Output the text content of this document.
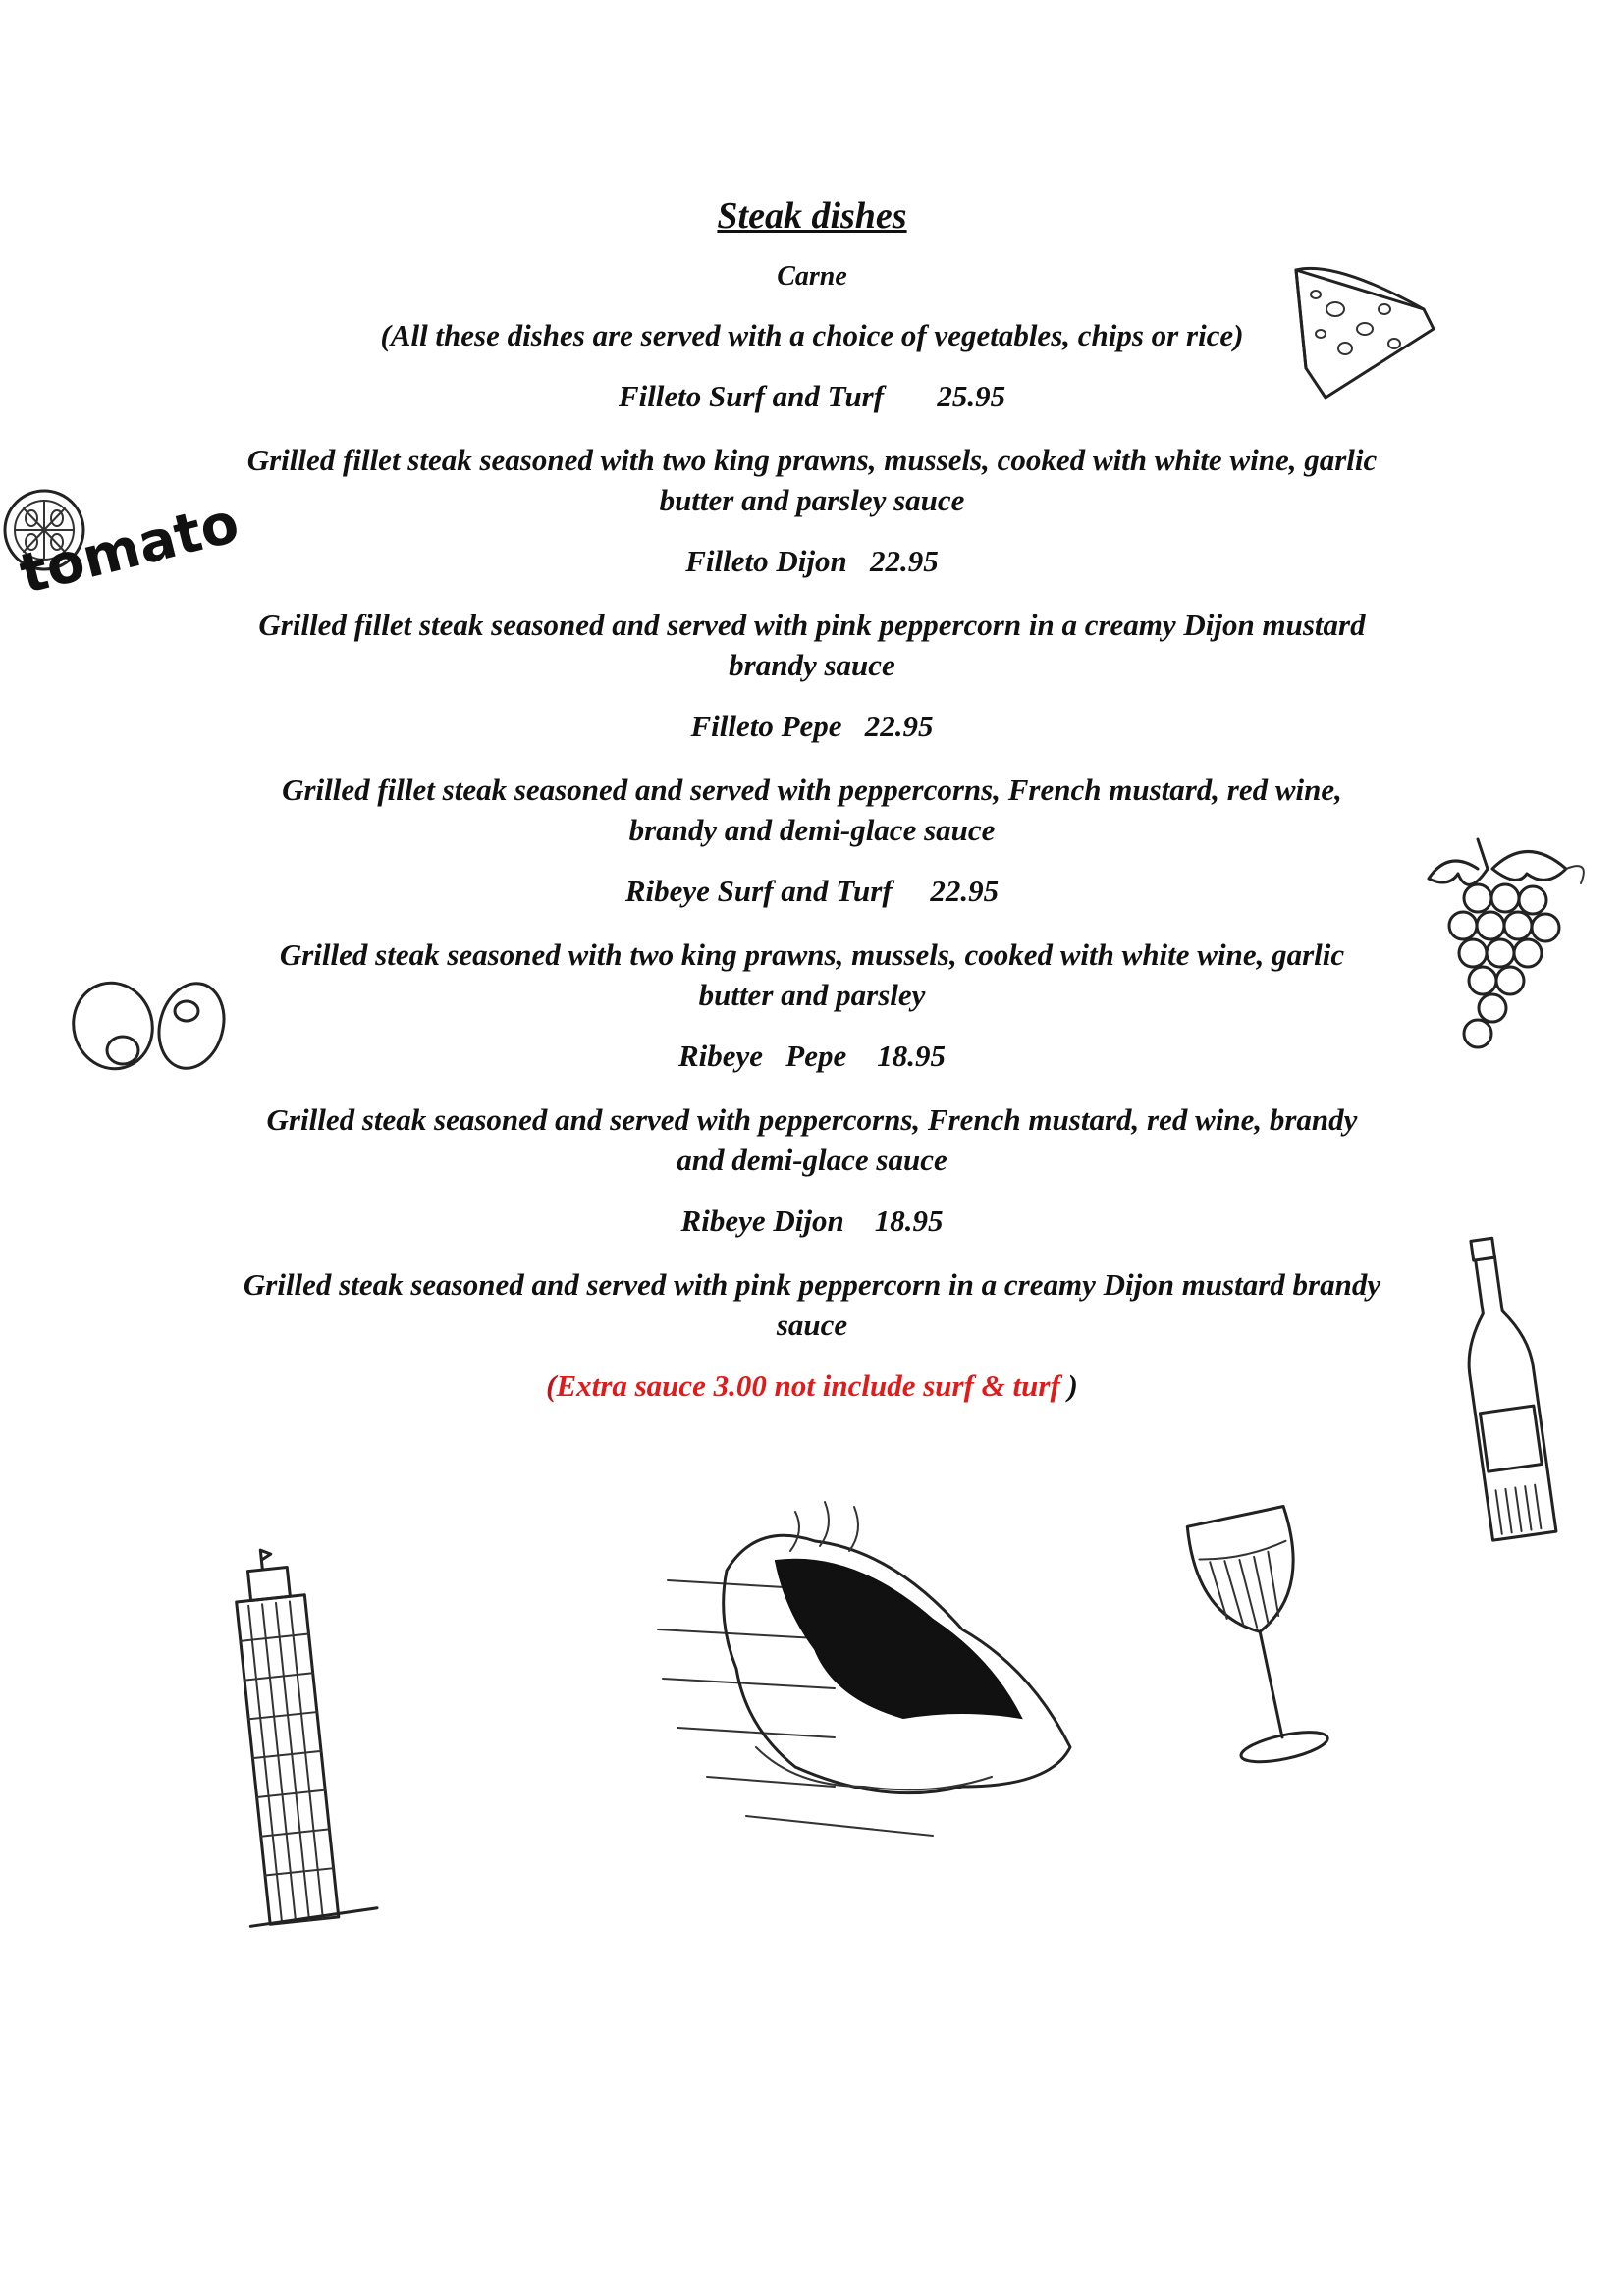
Steak dishes
Carne
(All these dishes are served with a choice of vegetables, chips or rice)
Filleto Surf and Turf       25.95
Grilled fillet steak seasoned with two king prawns, mussels, cooked with white wine, garlic
butter and parsley sauce
Filleto Dijon   22.95
Grilled fillet steak seasoned and served with pink peppercorn in a creamy Dijon mustard
brandy sauce
Filleto Pepe   22.95
Grilled fillet steak seasoned and served with peppercorns, French mustard, red wine,
brandy and demi-glace sauce
Ribeye Surf and Turf     22.95
Grilled steak seasoned with two king prawns, mussels, cooked with white wine, garlic
butter and parsley
Ribeye   Pepe    18.95
Grilled steak seasoned and served with peppercorns, French mustard, red wine, brandy
and demi-glace sauce
Ribeye Dijon    18.95
Grilled steak seasoned and served with pink peppercorn in a creamy Dijon mustard brandy
sauce
(Extra sauce 3.00 not include surf & turf )
tomato
